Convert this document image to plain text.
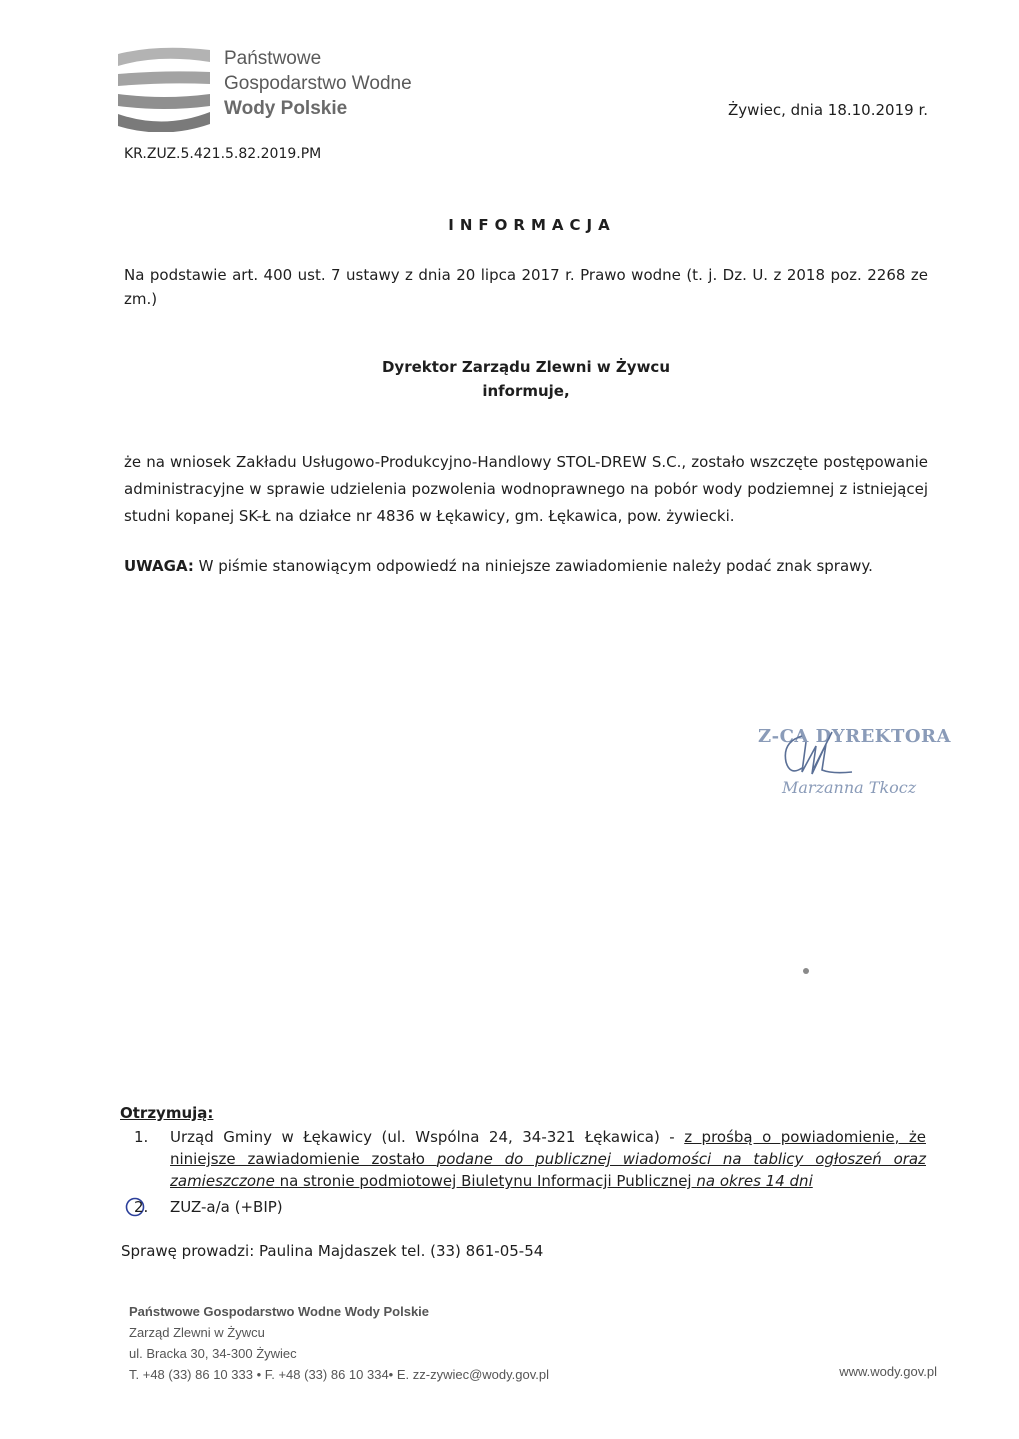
Państwowe
Gospodarstwo Wodne
Wody Polskie	Żywiec, dnia 18.10.2019 r.
KR.ZUZ.5.421.5.82.2019.PM
INFORMACJA
Na podstawie art. 400 ust. 7 ustawy z dnia 20 lipca 2017 r. Prawo wodne (t. j. Dz. U. z 2018 poz. 2268 ze zm.)
Dyrektor Zarządu Zlewni w Żywcu
informuje,
że na wniosek Zakładu Usługowo-Produkcyjno-Handlowy STOL-DREW S.C., zostało wszczęte postępowanie administracyjne w sprawie udzielenia pozwolenia wodnoprawnego na pobór wody podziemnej z istniejącej studni kopanej SK-Ł na działce nr 4836 w Łękawicy, gm. Łękawica, pow. żywiecki.
UWAGA: W piśmie stanowiącym odpowiedź na niniejsze zawiadomienie należy podać znak sprawy.
Z-CA DYREKTORA
Marzanna Tkocz
Otrzymują:
1. Urząd Gminy w Łękawicy (ul. Wspólna 24, 34-321 Łękawica) - z prośbą o powiadomienie, że niniejsze zawiadomienie zostało podane do publicznej wiadomości na tablicy ogłoszeń oraz zamieszczone na stronie podmiotowej Biuletynu Informacji Publicznej na okres 14 dni
2. ZUZ-a/a (+BIP)
Sprawę prowadzi: Paulina Majdaszek tel. (33) 861-05-54
Państwowe Gospodarstwo Wodne Wody Polskie
Zarząd Zlewni w Żywcu
ul. Bracka 30, 34-300 Żywiec
T. +48 (33) 86 10 333 • F. +48 (33) 86 10 334• E. zz-zywiec@wody.gov.pl	www.wody.gov.pl
